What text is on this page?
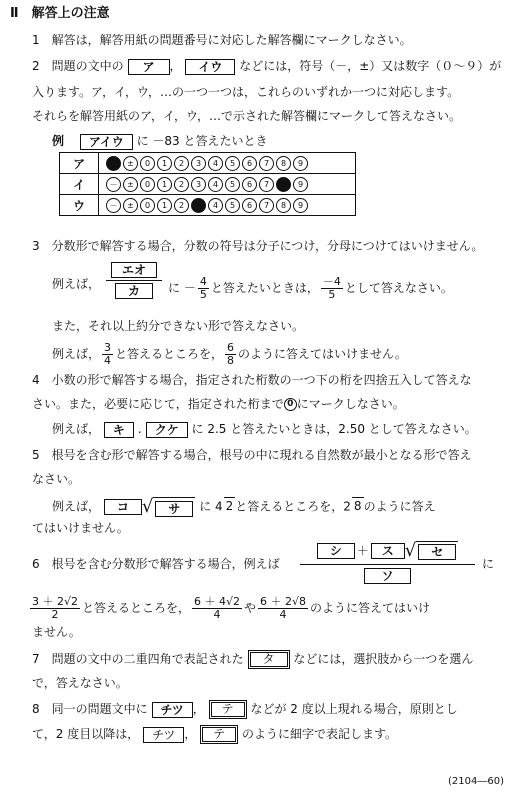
Ⅱ　解答上の注意
1　 解答は，解答用紙の問題番号に対応した解答欄にマークしなさい。
2　 問題の文中の ア ， イウ などには，符号（－，±）又は数字（０～９）が
入ります。ア，イ，ウ，…の一つ一つは，これらのいずれか一つに対応します。
それらを解答用紙のア，イ，ウ，…で示された解答欄にマークして答えなさい。
例　 アイウ に －83 と答えたいとき
ア	－ ± 0 1 2 3 4 5 6 7 8 9
イ	－ ± 0 1 2 3 4 5 6 7 8 9
ウ	－ ± 0 1 2 3 4 5 6 7 8 9
3　 分数形で解答する場合，分数の符号は分子につけ，分母につけてはいけません。
例えば，
エオ
カ	に － $\frac{4}{5}$ と答えたいときは， $\frac{-4}{5}$ として答えなさい。
また，それ以上約分できない形で答えなさい。
例えば， $\frac{3}{4}$ と答えるところを， $\frac{6}{8}$ のように答えてはいけません。
4　 小数の形で解答する場合，指定された桁数の一つ下の桁を四捨五入して答えな
さい。また，必要に応じて，指定された桁まで 0 にマークしなさい。
例えば， キ . クケ に 2.5 と答えたいときは，2.50 として答えなさい。
5　 根号を含む形で解答する場合，根号の中に現れる自然数が最小となる形で答え
なさい。
例えば， コ √ サ に 4 2 と答えるところを，2 8 のように答え
てはいけません。
6　 根号を含む分数形で解答する場合，例えば
シ	＋	ス √	セ
ソ
に
$\frac{3 + 2√2}{2}$ と答えるところを， $\frac{6 + 4√2}{4}$ や $\frac{6 + 2√8}{4}$ のように答えてはいけ
ません。
7　 問題の文中の二重四角で表記された タ などには，選択肢から一つを選ん
で，答えなさい。
8　 同一の問題文中に チツ ， テ などが 2 度以上現れる場合，原則とし
て，2 度目以降は， チツ ， テ のように細字で表記します。
(2104―60)
